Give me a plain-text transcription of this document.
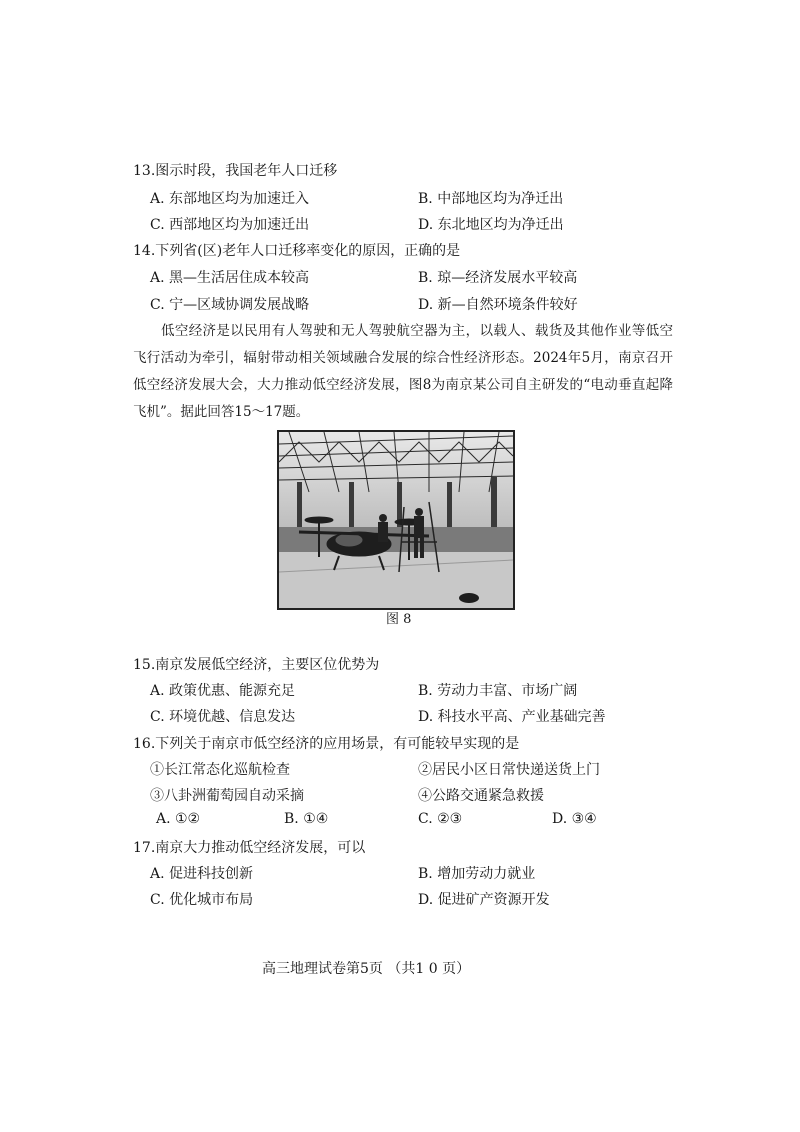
13.图示时段，我国老年人口迁移
A. 东部地区均为加速迁入	B. 中部地区均为净迁出
C. 西部地区均为加速迁出	D. 东北地区均为净迁出
14.下列省(区)老年人口迁移率变化的原因，正确的是
A. 黑—生活居住成本较高	B. 琼—经济发展水平较高
C. 宁—区域协调发展战略	D. 新—自然环境条件较好
低空经济是以民用有人驾驶和无人驾驶航空器为主，以载人、载货及其他作业等低空飞行活动为牵引，辐射带动相关领域融合发展的综合性经济形态。2024年5月，南京召开低空经济发展大会，大力推动低空经济发展，图8为南京某公司自主研发的“电动垂直起降飞机”。据此回答15～17题。
图 8
15.南京发展低空经济，主要区位优势为
A. 政策优惠、能源充足	B. 劳动力丰富、市场广阔
C. 环境优越、信息发达	D. 科技水平高、产业基础完善
16.下列关于南京市低空经济的应用场景，有可能较早实现的是
①长江常态化巡航检查	②居民小区日常快递送货上门
③八卦洲葡萄园自动采摘	④公路交通紧急救援
A. ①②	B. ①④	C. ②③	D. ③④
17.南京大力推动低空经济发展，可以
A. 促进科技创新	B. 增加劳动力就业
C. 优化城市布局	D. 促进矿产资源开发
高三地理试卷第5页 （共1 0 页）
